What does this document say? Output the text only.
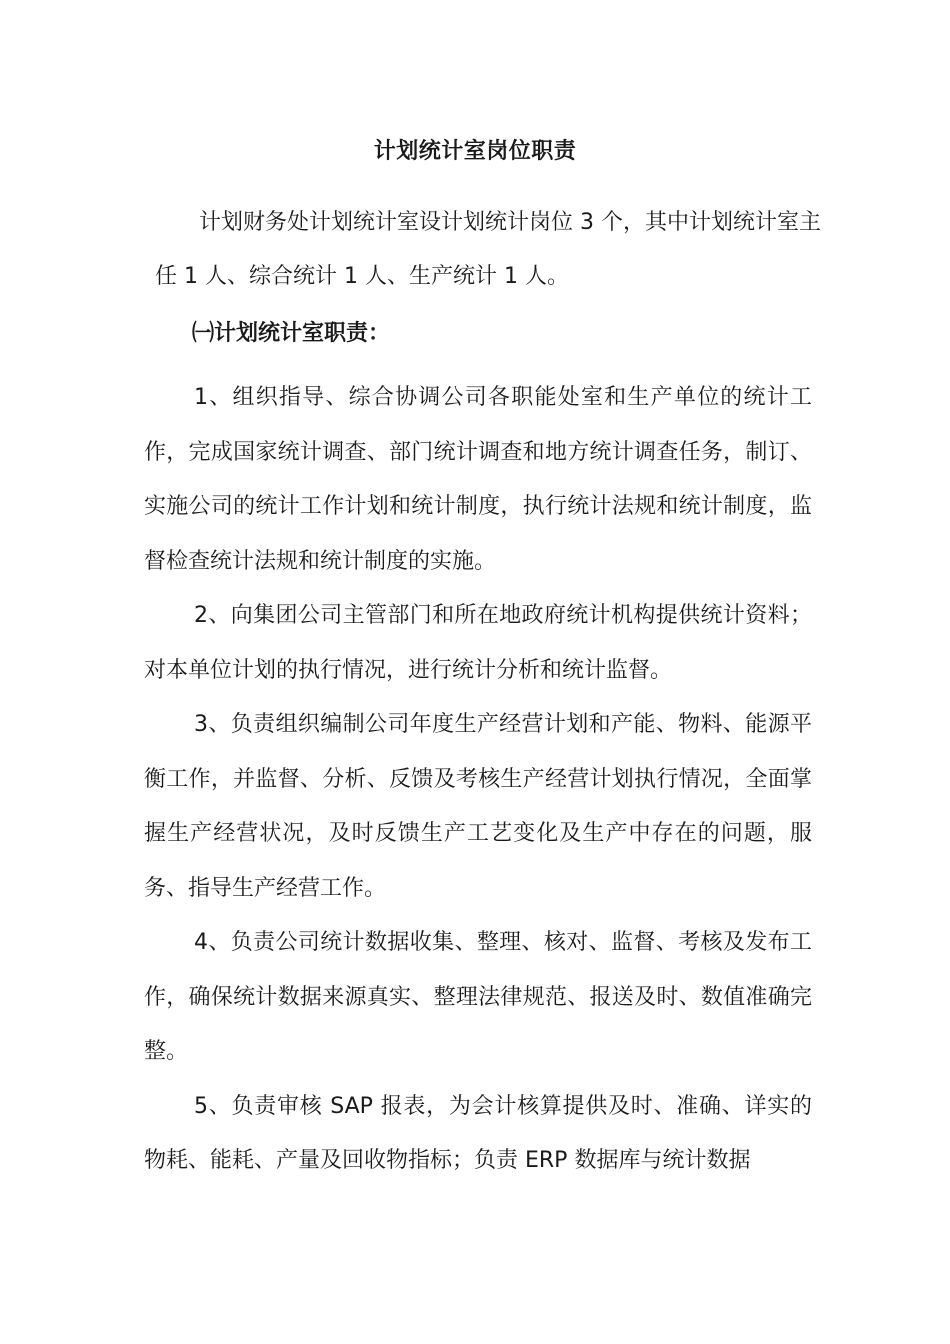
计划统计室岗位职责

计划财务处计划统计室设计划统计岗位 3 个，其中计划统计室主任 1 人、综合统计 1 人、生产统计 1 人。

㈠计划统计室职责：

1、组织指导、综合协调公司各职能处室和生产单位的统计工作，完成国家统计调查、部门统计调查和地方统计调查任务，制订、实施公司的统计工作计划和统计制度，执行统计法规和统计制度，监督检查统计法规和统计制度的实施。

2、向集团公司主管部门和所在地政府统计机构提供统计资料；对本单位计划的执行情况，进行统计分析和统计监督。

3、负责组织编制公司年度生产经营计划和产能、物料、能源平衡工作，并监督、分析、反馈及考核生产经营计划执行情况，全面掌握生产经营状况，及时反馈生产工艺变化及生产中存在的问题，服务、指导生产经营工作。

4、负责公司统计数据收集、整理、核对、监督、考核及发布工作，确保统计数据来源真实、整理法律规范、报送及时、数值准确完整。

5、负责审核 SAP 报表，为会计核算提供及时、准确、详实的物耗、能耗、产量及回收物指标；负责 ERP 数据库与统计数据
